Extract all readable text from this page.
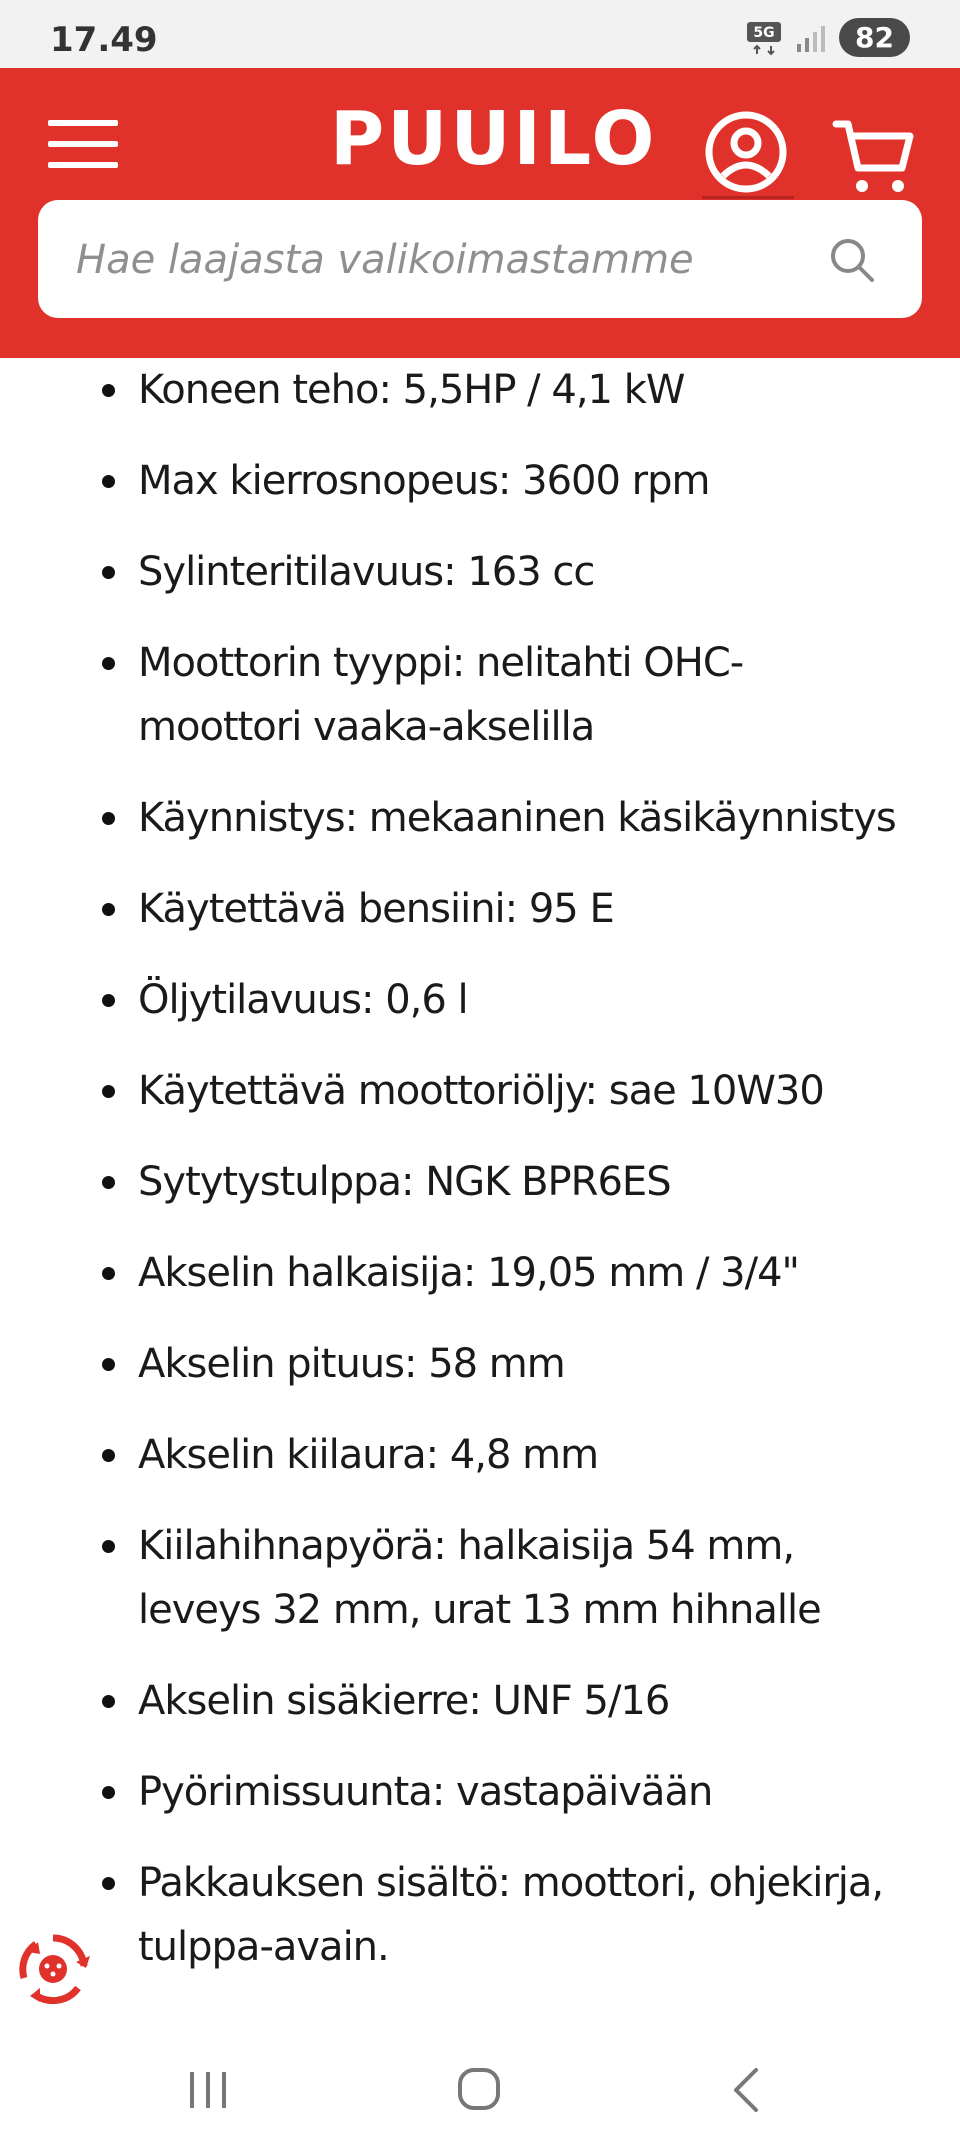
17.49	5G	82
PUUILO
Hae laajasta valikoimastamme
Koneen teho: 5,5HP / 4,1 kW
Max kierrosnopeus: 3600 rpm
Sylinteritilavuus: 163 cc
Moottorin tyyppi: nelitahti OHC-moottori vaaka-akselilla
Käynnistys: mekaaninen käsikäynnistys
Käytettävä bensiini: 95 E
Öljytilavuus: 0,6 l
Käytettävä moottoriöljy: sae 10W30
Sytytystulppa: NGK BPR6ES
Akselin halkaisija: 19,05 mm / 3/4"
Akselin pituus: 58 mm
Akselin kiilaura: 4,8 mm
Kiilahihnapyörä: halkaisija 54 mm, leveys 32 mm, urat 13 mm hihnalle
Akselin sisäkierre: UNF 5/16
Pyörimissuunta: vastapäivään
Pakkauksen sisältö: moottori, ohjekirja, tulppa-avain.
